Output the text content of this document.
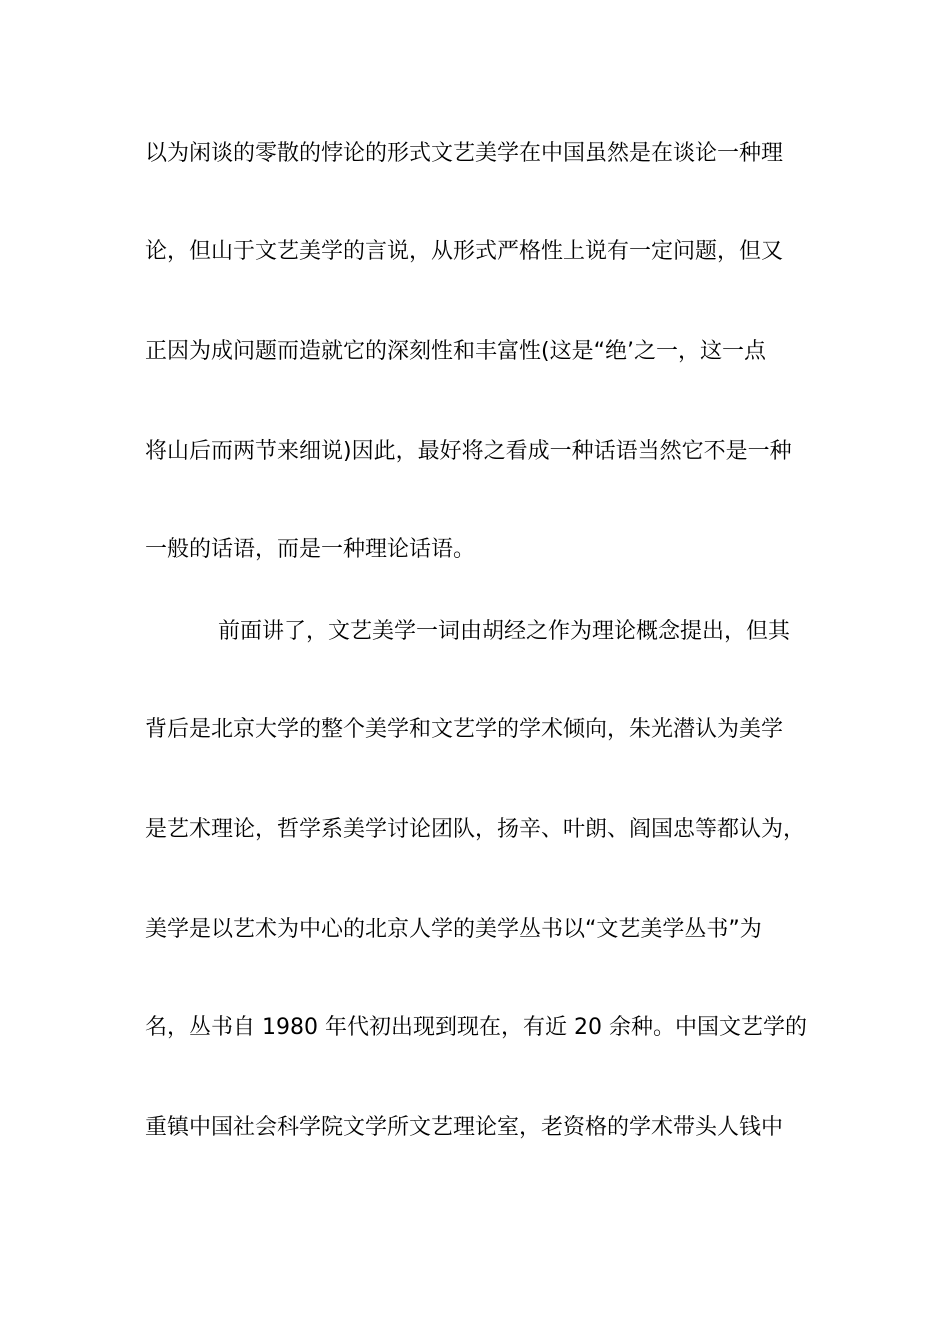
以为闲谈的零散的悖论的形式文艺美学在中国虽然是在谈论一种理
论，但山于文艺美学的言说，从形式严格性上说有一定问题，但又
正因为成问题而造就它的深刻性和丰富性(这是“绝’之一，这一点
将山后而两节来细说)因此，最好将之看成一种话语当然它不是一种
一般的话语，而是一种理论话语。
前面讲了，文艺美学一词由胡经之作为理论概念提出，但其
背后是北京大学的整个美学和文艺学的学术倾向，朱光潜认为美学
是艺术理论，哲学系美学讨论团队，扬辛、叶朗、阎国忠等都认为，
美学是以艺术为中心的北京人学的美学丛书以“文艺美学丛书”为
名，丛书自 1980 年代初出现到现在，有近 20 余种。中国文艺学的
重镇中国社会科学院文学所文艺理论室，老资格的学术带头人钱中
